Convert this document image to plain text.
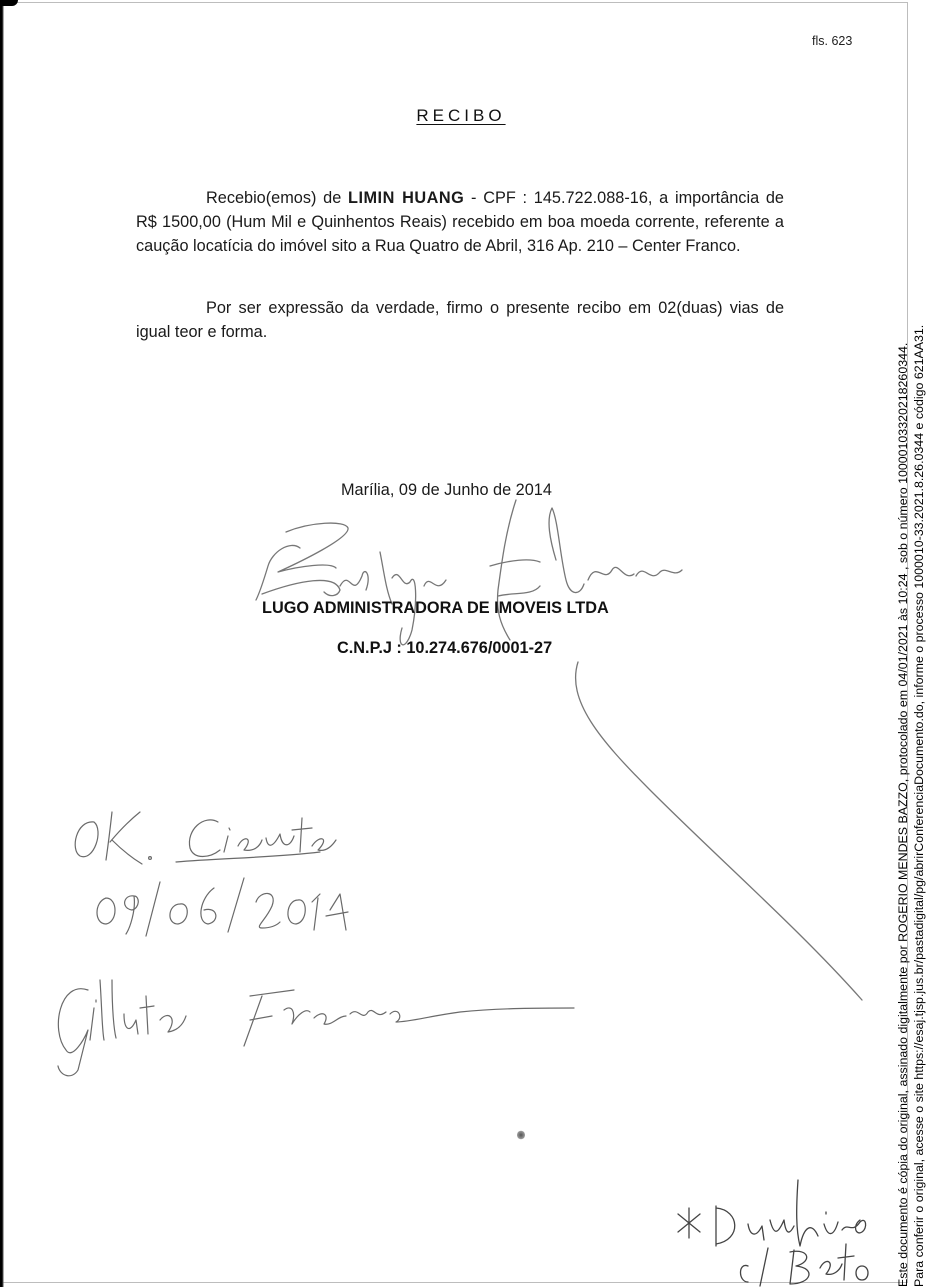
fls. 623
RECIBO
Recebio(emos) de LIMIN HUANG - CPF : 145.722.088-16, a importância de R$ 1500,00 (Hum Mil e Quinhentos Reais) recebido em boa moeda corrente, referente a caução locatícia do imóvel sito a Rua Quatro de Abril, 316 Ap. 210 – Center Franco.
Por ser expressão da verdade, firmo o presente recibo em 02(duas) vias de igual teor e forma.
Marília, 09 de Junho de 2014
LUGO ADMINISTRADORA DE IMOVEIS LTDA
C.N.P.J : 10.274.676/0001-27	Este documento é cópia do original, assinado digitalmente por ROGERIO MENDES BAZZO, protocolado em 04/01/2021 às 10:24 , sob o número 10000103320218260344. Para conferir o original, acesse o site https://esaj.tjsp.jus.br/pastadigital/pg/abrirConferenciaDocumento.do, informe o processo 1000010-33.2021.8.26.0344 e código 621AA31.
